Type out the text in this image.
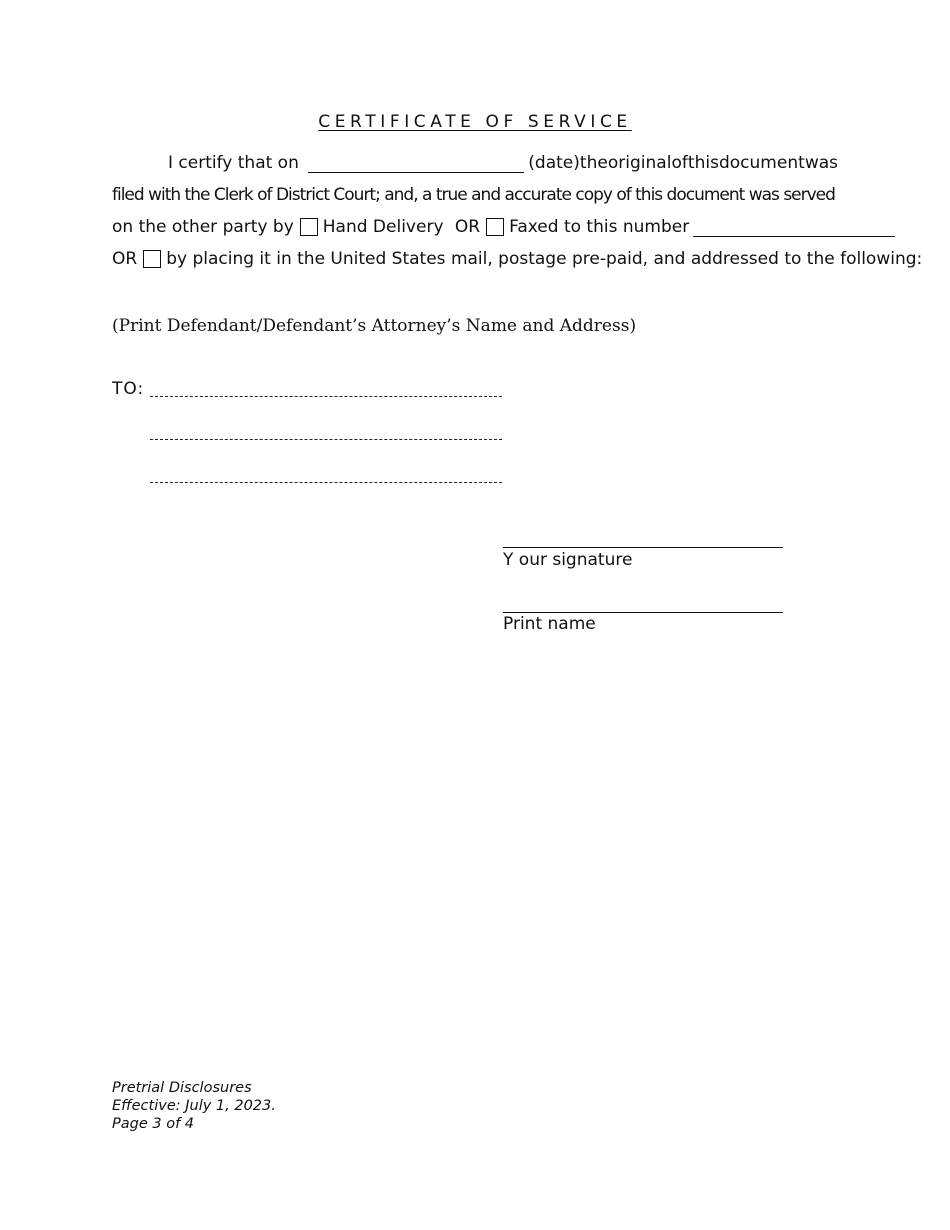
CERTIFICATE OF SERVICE
I certify that on	(date) the original of this document was
filed with the Clerk of District Court; and, a true and accurate copy of this document was served
on the other party by Hand Delivery OR Faxed to this number
OR by placing it in the United States mail, postage pre-paid, and addressed to the following:
(Print Defendant/Defendant’s Attorney’s Name and Address)
TO:
Y our signature
Print name
Pretrial Disclosures
Effective: July 1, 2023.
Page 3 of 4
